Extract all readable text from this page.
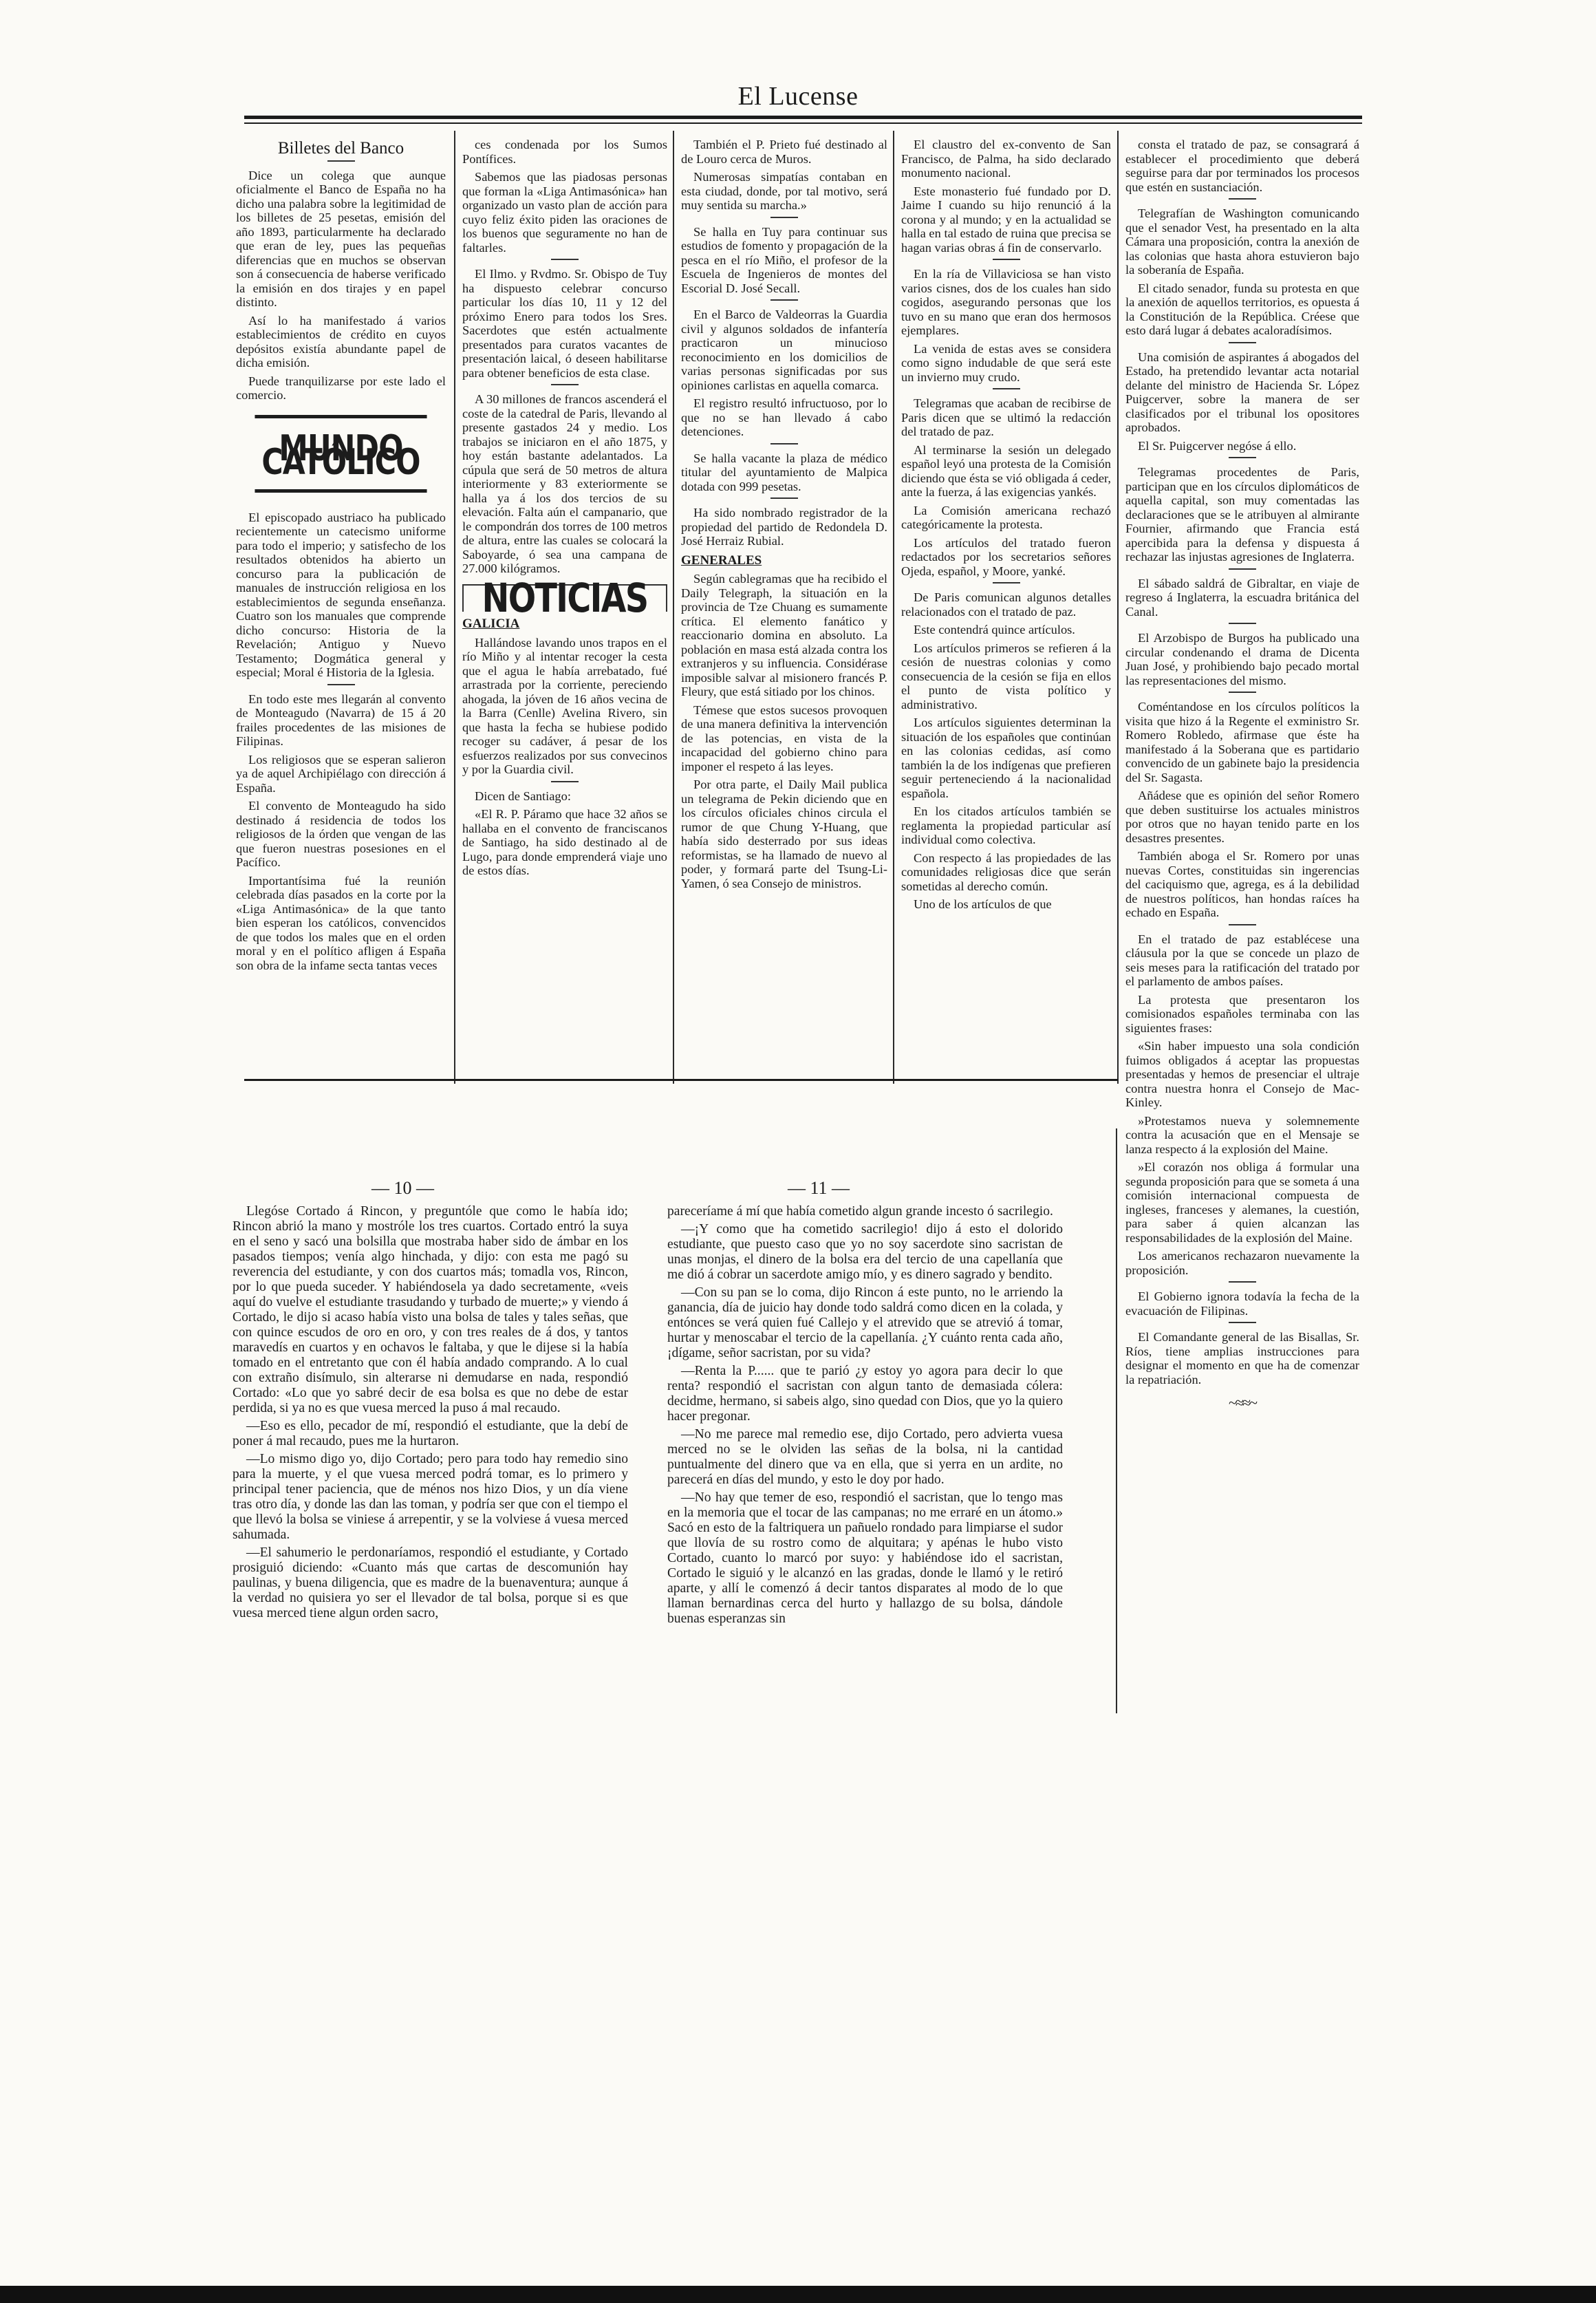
El Lucense
Billetes del Banco

Dice un colega que aunque oficialmente el Banco de España no ha dicho una palabra sobre la legitimidad de los billetes de 25 pesetas, emisión del año 1893, particularmente ha declarado que eran de ley, pues las pequeñas diferencias que en muchos se observan son á consecuencia de haberse verificado la emisión en dos tirajes y en papel distinto.

Así lo ha manifestado á varios establecimientos de crédito en cuyos depósitos existía abundante papel de dicha emisión.

Puede tranquilizarse por este lado el comercio.

MUNDO CATÓLICO

El episcopado austriaco ha publicado recientemente un catecismo uniforme para todo el imperio; y satisfecho de los resultados obtenidos ha abierto un concurso para la publicación de manuales de instrucción religiosa en los establecimientos de segunda enseñanza. Cuatro son los manuales que comprende dicho concurso: Historia de la Revelación; Antiguo y Nuevo Testamento; Dogmática general y especial; Moral é Historia de la Iglesia.

En todo este mes llegarán al convento de Monteagudo (Navarra) de 15 á 20 frailes procedentes de las misiones de Filipinas.

Los religiosos que se esperan salieron ya de aquel Archipiélago con dirección á España.

El convento de Monteagudo ha sido destinado á residencia de todos los religiosos de la órden que vengan de las que fueron nuestras posesiones en el Pacífico.

Importantísima fué la reunión celebrada días pasados en la corte por la «Liga Antimasónica» de la que tanto bien esperan los católicos, convencidos de que todos los males que en el orden moral y en el político afligen á España son obra de la infame secta tantas veces

ces condenada por los Sumos Pontífices.

Sabemos que las piadosas personas que forman la «Liga Antimasónica» han organizado un vasto plan de acción para cuyo feliz éxito piden las oraciones de los buenos que seguramente no han de faltarles.

El Ilmo. y Rvdmo. Sr. Obispo de Tuy ha dispuesto celebrar concurso particular los días 10, 11 y 12 del próximo Enero para todos los Sres. Sacerdotes que estén actualmente presentados para curatos vacantes de presentación laical, ó deseen habilitarse para obtener beneficios de esta clase.

A 30 millones de francos ascenderá el coste de la catedral de Paris, llevando al presente gastados 24 y medio. Los trabajos se iniciaron en el año 1875, y hoy están bastante adelantados. La cúpula que será de 50 metros de altura interiormente y 83 exteriormente se halla ya á los dos tercios de su elevación. Falta aún el campanario, que le compondrán dos torres de 100 metros de altura, entre las cuales se colocará la Saboyarde, ó sea una campana de 27.000 kilógramos.

NOTICIAS
GALICIA

Hallándose lavando unos trapos en el río Miño y al intentar recoger la cesta que el agua le había arrebatado, fué arrastrada por la corriente, pereciendo ahogada, la jóven de 16 años vecina de la Barra (Cenlle) Avelina Rivero, sin que hasta la fecha se hubiese podido recoger su cadáver, á pesar de los esfuerzos realizados por sus convecinos y por la Guardia civil.

Dicen de Santiago:

«El R. P. Páramo que hace 32 años se hallaba en el convento de franciscanos de Santiago, ha sido destinado al de Lugo, para donde emprenderá viaje uno de estos días.

También el P. Prieto fué destinado al de Louro cerca de Muros.

Numerosas simpatías contaban en esta ciudad, donde, por tal motivo, será muy sentida su marcha.»

Se halla en Tuy para continuar sus estudios de fomento y propagación de la pesca en el río Miño, el profesor de la Escuela de Ingenieros de montes del Escorial D. José Secall.

En el Barco de Valdeorras la Guardia civil y algunos soldados de infantería practicaron un minucioso reconocimiento en los domicilios de varias personas significadas por sus opiniones carlistas en aquella comarca.

El registro resultó infructuoso, por lo que no se han llevado á cabo detenciones.

Se halla vacante la plaza de médico titular del ayuntamiento de Malpica dotada con 999 pesetas.

Ha sido nombrado registrador de la propiedad del partido de Redondela D. José Herraiz Rubial.

GENERALES

Según cablegramas que ha recibido el Daily Telegraph, la situación en la provincia de Tze Chuang es sumamente crítica. El elemento fanático y reaccionario domina en absoluto. La población en masa está alzada contra los extranjeros y su influencia. Considérase imposible salvar al misionero francés P. Fleury, que está sitiado por los chinos.

Témese que estos sucesos provoquen de una manera definitiva la intervención de las potencias, en vista de la incapacidad del gobierno chino para imponer el respeto á las leyes.

Por otra parte, el Daily Mail publica un telegrama de Pekin diciendo que en los círculos oficiales chinos circula el rumor de que Chung Y-Huang, que había sido desterrado por sus ideas reformistas, se ha llamado de nuevo al poder, y formará parte del Tsung-Li-Yamen, ó sea Consejo de ministros.

El claustro del ex-convento de San Francisco, de Palma, ha sido declarado monumento nacional.

Este monasterio fué fundado por D. Jaime I cuando su hijo renunció á la corona y al mundo; y en la actualidad se halla en tal estado de ruina que precisa se hagan varias obras á fin de conservarlo.

En la ría de Villaviciosa se han visto varios cisnes, dos de los cuales han sido cogidos, asegurando personas que los tuvo en su mano que eran dos hermosos ejemplares.

La venida de estas aves se considera como signo indudable de que será este un invierno muy crudo.

Telegramas que acaban de recibirse de Paris dicen que se ultimó la redacción del tratado de paz.

Al terminarse la sesión un delegado español leyó una protesta de la Comisión diciendo que ésta se vió obligada á ceder, ante la fuerza, á las exigencias yankés.

La Comisión americana rechazó categóricamente la protesta.

Los artículos del tratado fueron redactados por los secretarios señores Ojeda, español, y Moore, yanké.

De Paris comunican algunos detalles relacionados con el tratado de paz.

Este contendrá quince artículos.

Los artículos primeros se refieren á la cesión de nuestras colonias y como consecuencia de la cesión se fija en ellos el punto de vista político y administrativo.

Los artículos siguientes determinan la situación de los españoles que continúan en las colonias cedidas, así como también la de los indígenas que prefieren seguir perteneciendo á la nacionalidad española.

En los citados artículos también se reglamenta la propiedad particular así individual como colectiva.

Con respecto á las propiedades de las comunidades religiosas dice que serán sometidas al derecho común.

Uno de los artículos de que

consta el tratado de paz, se consagrará á establecer el procedimiento que deberá seguirse para dar por terminados los procesos que estén en sustanciación.

Telegrafían de Washington comunicando que el senador Vest, ha presentado en la alta Cámara una proposición, contra la anexión de las colonias que hasta ahora estuvieron bajo la soberanía de España.

El citado senador, funda su protesta en que la anexión de aquellos territorios, es opuesta á la Constitución de la República. Créese que esto dará lugar á debates acaloradísimos.

Una comisión de aspirantes á abogados del Estado, ha pretendido levantar acta notarial delante del ministro de Hacienda Sr. López Puigcerver, sobre la manera de ser clasificados por el tribunal los opositores aprobados.

El Sr. Puigcerver negóse á ello.

Telegramas procedentes de Paris, participan que en los círculos diplomáticos de aquella capital, son muy comentadas las declaraciones que se le atribuyen al almirante Fournier, afirmando que Francia está apercibida para la defensa y dispuesta á rechazar las injustas agresiones de Inglaterra.

El sábado saldrá de Gibraltar, en viaje de regreso á Inglaterra, la escuadra británica del Canal.

El Arzobispo de Burgos ha publicado una circular condenando el drama de Dicenta Juan José, y prohibiendo bajo pecado mortal las representaciones del mismo.

Coméntandose en los círculos políticos la visita que hizo á la Regente el exministro Sr. Romero Robledo, afirmase que éste ha manifestado á la Soberana que es partidario convencido de un gabinete bajo la presidencia del Sr. Sagasta.

Añádese que es opinión del señor Romero que deben sustituirse los actuales ministros por otros que no hayan tenido parte en los desastres presentes.

También aboga el Sr. Romero por unas nuevas Cortes, constituidas sin ingerencias del caciquismo que, agrega, es á la debilidad de nuestros políticos, han hondas raíces ha echado en España.

En el tratado de paz establécese una cláusula por la que se concede un plazo de seis meses para la ratificación del tratado por el parlamento de ambos países.

La protesta que presentaron los comisionados españoles terminaba con las siguientes frases:

«Sin haber impuesto una sola condición fuimos obligados á aceptar las propuestas presentadas y hemos de presenciar el ultraje contra nuestra honra el Consejo de Mac-Kinley.

»Protestamos nueva y solemnemente contra la acusación que en el Mensaje se lanza respecto á la explosión del Maine.

»El corazón nos obliga á formular una segunda proposición para que se someta á una comisión internacional compuesta de ingleses, franceses y alemanes, la cuestión, para saber á quien alcanzan las responsabilidades de la explosión del Maine.

Los americanos rechazaron nuevamente la proposición.

El Gobierno ignora todavía la fecha de la evacuación de Filipinas.

El Comandante general de las Bisallas, Sr. Ríos, tiene amplias instrucciones para designar el momento en que ha de comenzar la repatriación.

~≈≈~
— 10 —	— 11 —

Llegóse Cortado á Rincon, y preguntóle que como le había ido; Rincon abrió la mano y mostróle los tres cuartos. Cortado entró la suya en el seno y sacó una bolsilla que mostraba haber sido de ámbar en los pasados tiempos; venía algo hinchada, y dijo: con esta me pagó su reverencia del estudiante, y con dos cuartos más; tomadla vos, Rincon, por lo que pueda suceder. Y habiéndosela ya dado secretamente, «veis aquí do vuelve el estudiante trasudando y turbado de muerte;» y viendo á Cortado, le dijo si acaso había visto una bolsa de tales y tales señas, que con quince escudos de oro en oro, y con tres reales de á dos, y tantos maravedís en cuartos y en ochavos le faltaba, y que le dijese si la había tomado en el entretanto que con él había andado comprando. A lo cual con extraño disímulo, sin alterarse ni demudarse en nada, respondió Cortado: «Lo que yo sabré decir de esa bolsa es que no debe de estar perdida, si ya no es que vuesa merced la puso á mal recaudo.

—Eso es ello, pecador de mí, respondió el estudiante, que la debí de poner á mal recaudo, pues me la hurtaron.

—Lo mismo digo yo, dijo Cortado; pero para todo hay remedio sino para la muerte, y el que vuesa merced podrá tomar, es lo primero y principal tener paciencia, que de ménos nos hizo Dios, y un día viene tras otro día, y donde las dan las toman, y podría ser que con el tiempo el que llevó la bolsa se viniese á arrepentir, y se la volviese á vuesa merced sahumada.

—El sahumerio le perdonaríamos, respondió el estudiante, y Cortado prosiguió diciendo: «Cuanto más que cartas de descomunión hay paulinas, y buena diligencia, que es madre de la buenaventura; aunque á la verdad no quisiera yo ser el llevador de tal bolsa, porque si es que vuesa merced tiene algun orden sacro,

pareceríame á mí que había cometido algun grande incesto ó sacrilegio.

—¡Y como que ha cometido sacrilegio! dijo á esto el dolorido estudiante, que puesto caso que yo no soy sacerdote sino sacristan de unas monjas, el dinero de la bolsa era del tercio de una capellanía que me dió á cobrar un sacerdote amigo mío, y es dinero sagrado y bendito.

—Con su pan se lo coma, dijo Rincon á este punto, no le arriendo la ganancia, día de juicio hay donde todo saldrá como dicen en la colada, y entónces se verá quien fué Callejo y el atrevido que se atrevió á tomar, hurtar y menoscabar el tercio de la capellanía. ¿Y cuánto renta cada año, ¡dígame, señor sacristan, por su vida?

—Renta la P...... que te parió ¿y estoy yo agora para decir lo que renta? respondió el sacristan con algun tanto de demasiada cólera: decidme, hermano, si sabeis algo, sino quedad con Dios, que yo la quiero hacer pregonar.

—No me parece mal remedio ese, dijo Cortado, pero advierta vuesa merced no se le olviden las señas de la bolsa, ni la cantidad puntualmente del dinero que va en ella, que si yerra en un ardite, no parecerá en días del mundo, y esto le doy por hado.

—No hay que temer de eso, respondió el sacristan, que lo tengo mas en la memoria que el tocar de las campanas; no me erraré en un átomo.» Sacó en esto de la faltriquera un pañuelo rondado para limpiarse el sudor que llovía de su rostro como de alquitara; y apénas le hubo visto Cortado, cuanto lo marcó por suyo: y habiéndose ido el sacristan, Cortado le siguió y le alcanzó en las gradas, donde le llamó y le retiró aparte, y allí le comenzó á decir tantos disparates al modo de lo que llaman bernardinas cerca del hurto y hallazgo de su bolsa, dándole buenas esperanzas sin
